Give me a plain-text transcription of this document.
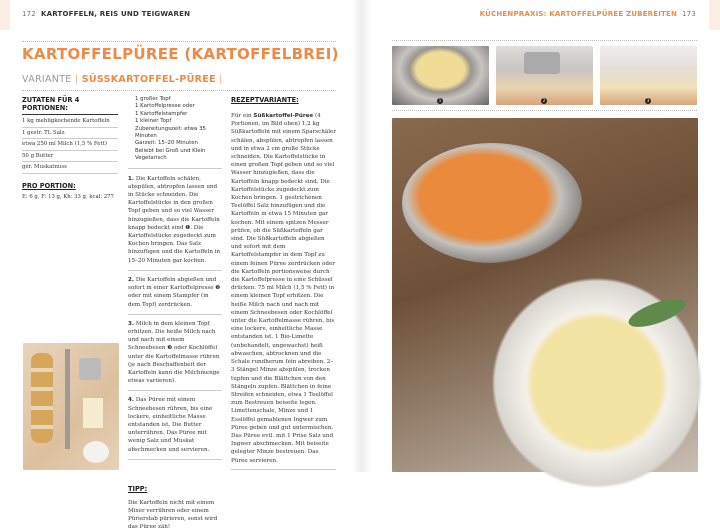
172 KARTOFFELN, REIS UND TEIGWAREN
KARTOFFELPÜREE (KARTOFFELBREI)
VARIANTE | SÜSSKARTOFFEL-PÜREE |
ZUTATEN FÜR 4 PORTIONEN:
1 kg mehligkochende Kartoffeln
1 gestr. TL Salz
etwa 250 ml Milch (1,5 % Fett)
50 g Butter
ger. Muskatnuss
PRO PORTION:
E: 6 g, F: 13 g, Kh: 33 g, kcal: 277
1 großer Topf
1 Kartoffelpresse oder
1 Kartoffelstampfer
1 kleiner Topf
Zubereitungszeit: etwa 35 Minuten
Garzeit: 15–20 Minuten
Beliebt bei Groß und Klein
Vegetarisch
1. Die Kartoffeln schälen, abspülen, abtropfen lassen und in Stücke schneiden. Die Kartoffelstücke in den großen Topf geben und so viel Wasser hinzugießen, dass die Kartoffeln knapp bedeckt sind ❶. Die Kartoffelstücke zugedeckt zum Kochen bringen. Das Salz hinzufügen und die Kartoffeln in 15–20 Minuten gar kochen.
2. Die Kartoffeln abgießen und sofort in einer Kartoffelpresse ❷ oder mit einem Stampfer (in dem Topf) zerdrücken.
3. Milch in dem kleinen Topf erhitzen. Die heiße Milch nach und nach mit einem Schneebesen ❸ oder Kochlöffel unter die Kartoffelmasse rühren (je nach Beschaffenheit der Kartoffeln kann die Milchmenge etwas variieren).
4. Das Püree mit einem Schneebesen rühren, bis eine lockere, einheitliche Masse entstanden ist. Die Butter unterrühren. Das Püree mit wenig Salz und Muskat abschmecken und servieren.
TIPP:
Die Kartoffeln nicht mit einem Mixer verrühren oder einem Pürierstab pürieren, sonst wird das Püree zäh!
REZEPTVARIANTE:
Für ein Süßkartoffel-Püree (4 Portionen, im Bild oben) 1,2 kg Süßkartoffeln mit einem Sparschäler schälen, abspülen, abtropfen lassen und in etwa 2 cm große Stücke schneiden. Die Kartoffelstücke in einen großen Topf geben und so viel Wasser hinzugießen, dass die Kartoffeln knapp bedeckt sind. Die Kartoffelstücke zugedeckt zum Kochen bringen. 1 gestrichenen Teelöffel Salz hinzufügen und die Kartoffeln in etwa 15 Minuten gar kochen. Mit einem spitzen Messer prüfen, ob die Süßkartoffeln gar sind. Die Süßkartoffeln abgießen und sofort mit dem Kartoffelstampfer in dem Topf zu einem feinen Püree zerdrücken oder die Kartoffeln portionsweise durch die Kartoffelpresse in eine Schüssel drücken. 75 ml Milch (1,5 % Fett) in einem kleinen Topf erhitzen. Die heiße Milch nach und nach mit einem Schneebesen oder Kochlöffel unter die Kartoffelmasse rühren, bis eine lockere, einheitliche Masse entstanden ist. 1 Bio-Limette (unbehandelt, ungewachst) heiß abwaschen, abtrocknen und die Schale rundherum fein abreiben. 2–3 Stängel Minze abspülen, trocken tupfen und die Blättchen von den Stängeln zupfen. Blättchen in feine Streifen schneiden, etwa 1 Teelöffel zum Bestreuen beiseite legen. Limettenschale, Minze und 1 Esslöffel gemahlenen Ingwer zum Püree geben und gut untermischen. Das Püree evtl. mit 1 Prise Salz und Ingwer abschmecken. Mit beiseite gelegter Minze bestreuen. Das Püree servieren.
KÜCHENPRAXIS: KARTOFFELPÜREE ZUBEREITEN 173
1	2	3
